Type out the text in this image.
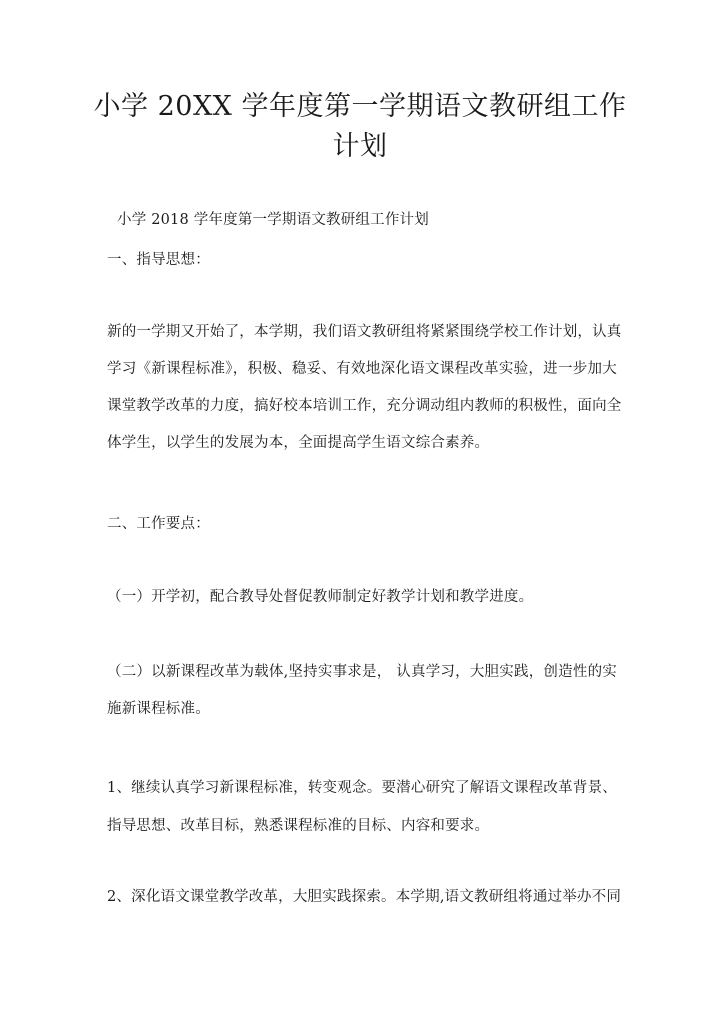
小学 20XX 学年度第一学期语文教研组工作
计划
小学 2018 学年度第一学期语文教研组工作计划
一、指导思想：
新的一学期又开始了，本学期，我们语文教研组将紧紧围绕学校工作计划，认真
学习《新课程标准》，积极、稳妥、有效地深化语文课程改革实验，进一步加大
课堂教学改革的力度，搞好校本培训工作，充分调动组内教师的积极性，面向全
体学生，以学生的发展为本，全面提高学生语文综合素养。
二、工作要点：
（一）开学初，配合教导处督促教师制定好教学计划和教学进度。
（二）以新课程改革为载体,坚持实事求是， 认真学习，大胆实践，创造性的实
施新课程标准。
1、继续认真学习新课程标准，转变观念。要潜心研究了解语文课程改革背景、
指导思想、改革目标，熟悉课程标准的目标、内容和要求。
2、深化语文课堂教学改革，大胆实践探索。本学期,语文教研组将通过举办不同
